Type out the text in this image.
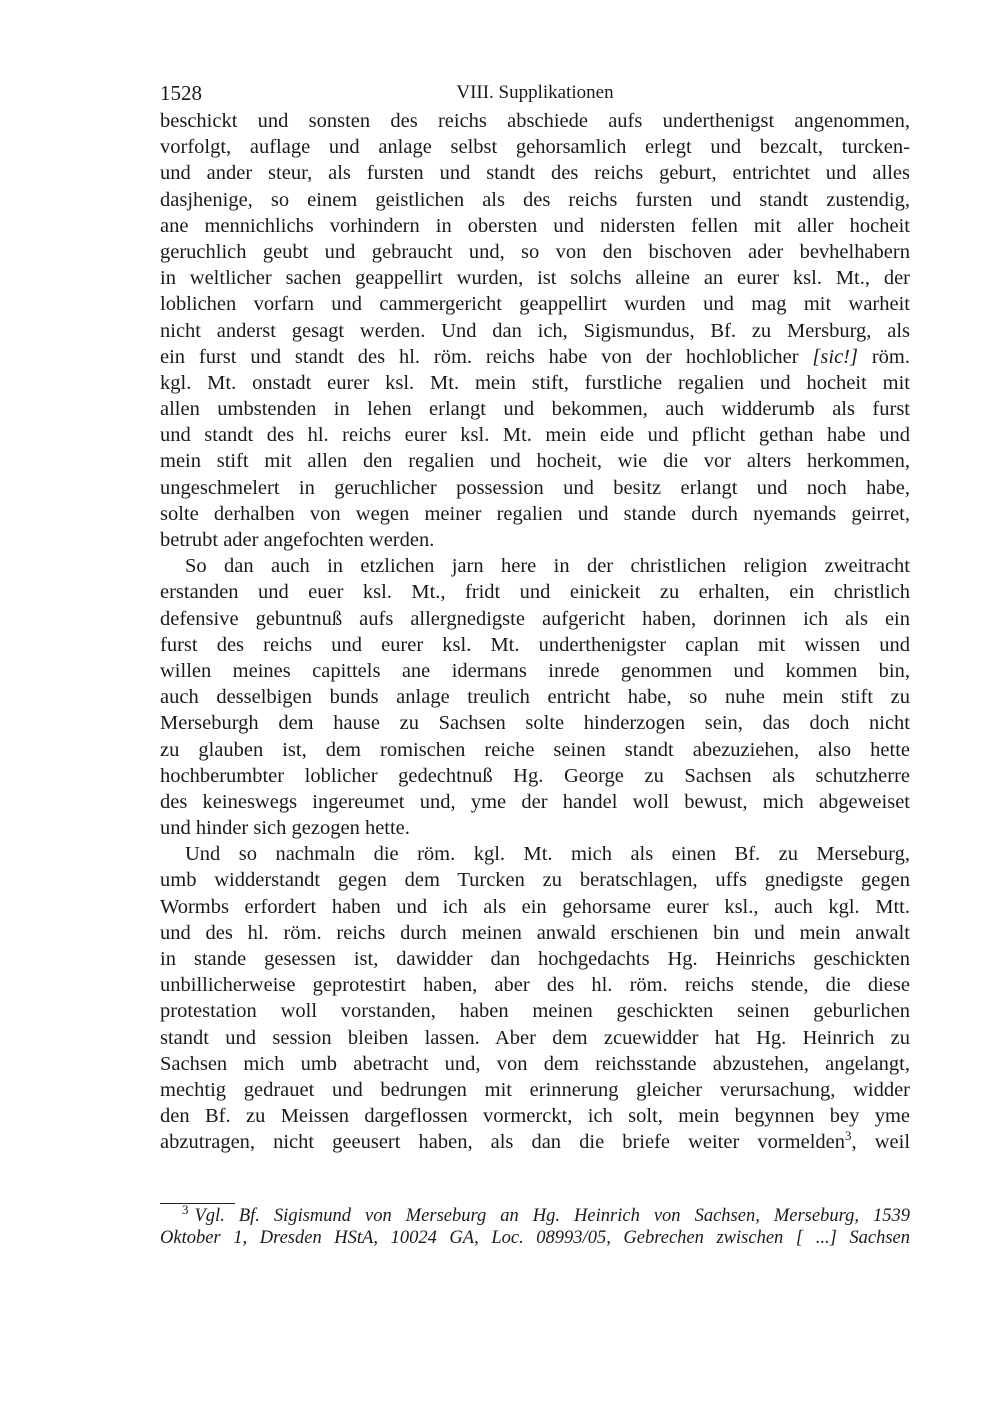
1528	VIII. Supplikationen
beschickt und sonsten des reichs abschiede aufs underthenigst angenommen,
vorfolgt, auflage und anlage selbst gehorsamlich erlegt und bezcalt, turcken-
und ander steur, als fursten und standt des reichs geburt, entrichtet und alles
dasjhenige, so einem geistlichen als des reichs fursten und standt zustendig,
ane mennichlichs vorhindern in obersten und nidersten fellen mit aller hocheit
geruchlich geubt und gebraucht und, so von den bischoven ader bevhelhabern
in weltlicher sachen geappellirt wurden, ist solchs alleine an eurer ksl. Mt., der
loblichen vorfarn und cammergericht geappellirt wurden und mag mit warheit
nicht anderst gesagt werden. Und dan ich, Sigismundus, Bf. zu Mersburg, als
ein furst und standt des hl. röm. reichs habe von der hochloblicher [sic!] röm.
kgl. Mt. onstadt eurer ksl. Mt. mein stift, furstliche regalien und hocheit mit
allen umbstenden in lehen erlangt und bekommen, auch widderumb als furst
und standt des hl. reichs eurer ksl. Mt. mein eide und pflicht gethan habe und
mein stift mit allen den regalien und hocheit, wie die vor alters herkommen,
ungeschmelert in geruchlicher possession und besitz erlangt und noch habe,
solte derhalben von wegen meiner regalien und stande durch nyemands geirret,
betrubt ader angefochten werden.
So dan auch in etzlichen jarn here in der christlichen religion zweitracht
erstanden und euer ksl. Mt., fridt und einickeit zu erhalten, ein christlich
defensive gebuntnuß aufs allergnedigste aufgericht haben, dorinnen ich als ein
furst des reichs und eurer ksl. Mt. underthenigster caplan mit wissen und
willen meines capittels ane idermans inrede genommen und kommen bin,
auch desselbigen bunds anlage treulich entricht habe, so nuhe mein stift zu
Merseburgh dem hause zu Sachsen solte hinderzogen sein, das doch nicht
zu glauben ist, dem romischen reiche seinen standt abezuziehen, also hette
hochberumbter loblicher gedechtnuß Hg. George zu Sachsen als schutzherre
des keineswegs ingereumet und, yme der handel woll bewust, mich abgeweiset
und hinder sich gezogen hette.
Und so nachmaln die röm. kgl. Mt. mich als einen Bf. zu Merseburg,
umb widderstandt gegen dem Turcken zu beratschlagen, uffs gnedigste gegen
Wormbs erfordert haben und ich als ein gehorsame eurer ksl., auch kgl. Mtt.
und des hl. röm. reichs durch meinen anwald erschienen bin und mein anwalt
in stande gesessen ist, dawidder dan hochgedachts Hg. Heinrichs geschickten
unbillicherweise geprotestirt haben, aber des hl. röm. reichs stende, die diese
protestation woll vorstanden, haben meinen geschickten seinen geburlichen
standt und session bleiben lassen. Aber dem zcuewidder hat Hg. Heinrich zu
Sachsen mich umb abetracht und, von dem reichsstande abzustehen, angelangt,
mechtig gedrauet und bedrungen mit erinnerung gleicher verursachung, widder
den Bf. zu Meissen dargeflossen vormerckt, ich solt, mein begynnen bey yme
abzutragen, nicht geeusert haben, als dan die briefe weiter vormelden$^3$, weil
$^3$ Vgl. Bf. Sigismund von Merseburg an Hg. Heinrich von Sachsen, Merseburg, 1539
Oktober 1, Dresden HStA, 10024 GA, Loc. 08993/05, Gebrechen zwischen [ ...] Sachsen
